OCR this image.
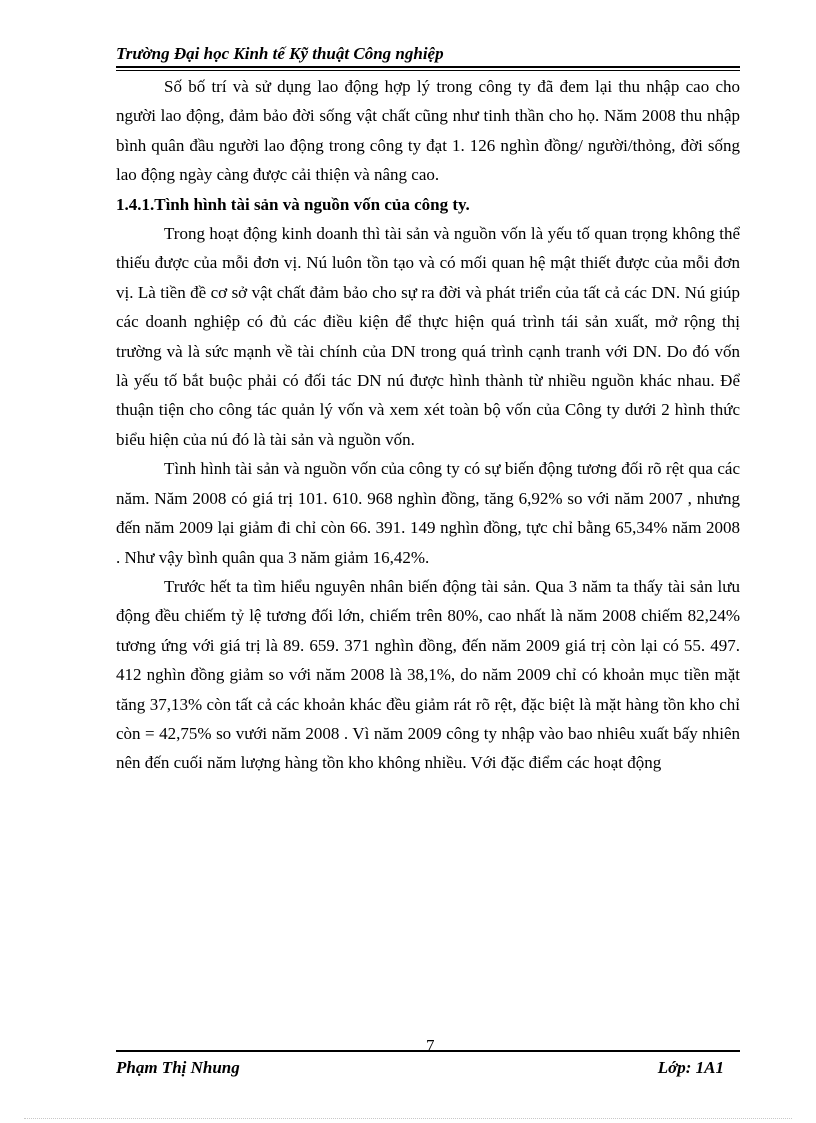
Trường Đại học Kinh tế Kỹ thuật Công nghiệp

Số bố trí và sử dụng lao động hợp lý trong công ty đã đem lại thu nhập cao cho người lao động, đảm bảo đời sống vật chất cũng như tinh thần cho họ. Năm 2008 thu nhập bình quân đầu người lao động trong công ty đạt 1. 126 nghìn đồng/ người/thỏng, đời sống lao động ngày càng được cải thiện và nâng cao.

1.4.1.Tình hình tài sản và nguồn vốn của công ty.

Trong hoạt động kinh doanh thì tài sản và nguồn vốn là yếu tố quan trọng không thể thiếu được của mỗi đơn vị. Nú luôn tồn tạo và có mối quan hệ mật thiết được của mỗi đơn vị. Là tiền đề cơ sở vật chất đảm bảo cho sự ra đời và phát triển của tất cả các DN. Nú giúp các doanh nghiệp có đủ các điều kiện để thực hiện quá trình tái sản xuất, mở rộng thị trường và là sức mạnh về tài chính của DN trong quá trình cạnh tranh với DN. Do đó vốn là yếu tố bắt buộc phải có đối tác DN nú được hình thành từ nhiều nguồn khác nhau. Để thuận tiện cho công tác quản lý vốn và xem xét toàn bộ vốn của Công ty dưới 2 hình thức biểu hiện của nú đó là tài sản và nguồn vốn.

Tình hình tài sản và nguồn vốn của công ty có sự biến động tương đối rõ rệt qua các năm. Năm 2008 có giá trị 101. 610. 968 nghìn đồng, tăng 6,92% so với năm 2007 , nhưng đến năm 2009 lại giảm đi chỉ còn 66. 391. 149 nghìn đồng, tực chỉ bằng 65,34% năm 2008 . Như vậy bình quân qua 3 năm giảm 16,42%.

Trước hết ta tìm hiểu nguyên nhân biến động tài sản. Qua 3 năm ta thấy tài sản lưu động đều chiếm tỷ lệ tương đối lớn, chiếm trên 80%, cao nhất là năm 2008 chiếm 82,24% tương ứng với giá trị là 89. 659. 371 nghìn đồng, đến năm 2009 giá trị còn lại có 55. 497. 412 nghìn đồng giảm so với năm 2008 là 38,1%, do năm 2009 chỉ có khoản mục tiền mặt tăng 37,13% còn tất cả các khoản khác đều giảm rát rõ rệt, đặc biệt là mặt hàng tồn kho chỉ còn = 42,75% so vưới năm 2008 . Vì năm 2009 công ty nhập vào bao nhiêu xuất bấy nhiên nên đến cuối năm lượng hàng tồn kho không nhiều. Với đặc điểm các hoạt động

7
Phạm Thị Nhung	Lớp: 1A1
